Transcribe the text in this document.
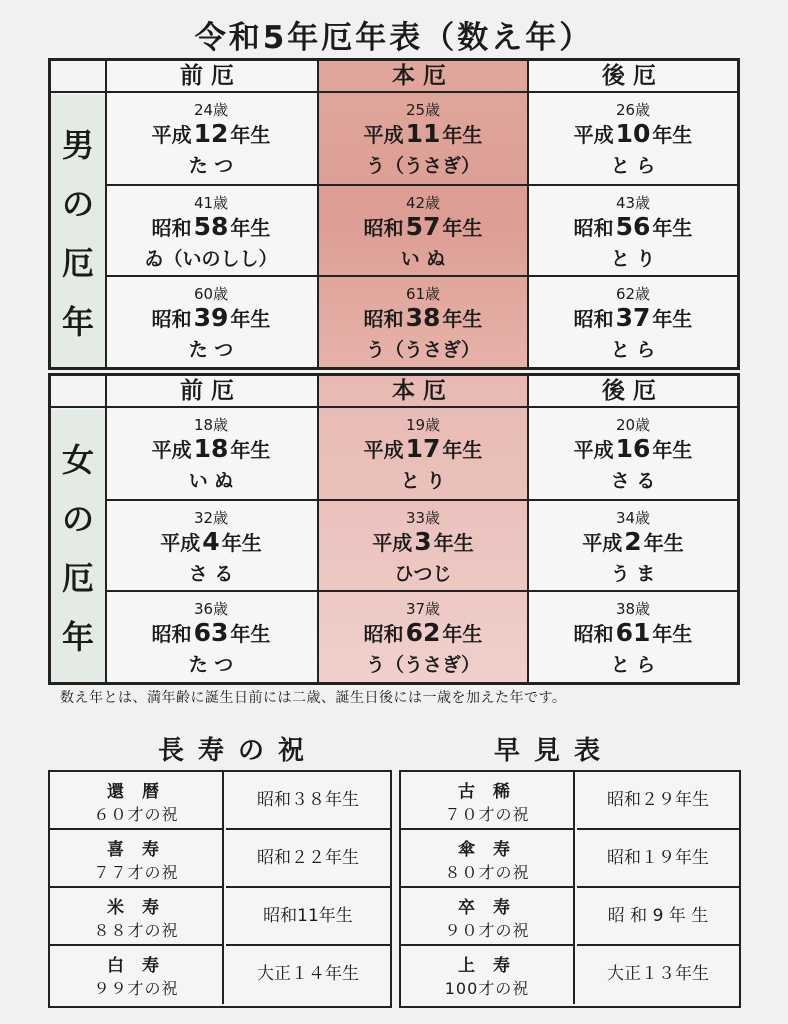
令和5年厄年表（数え年）
男
の
厄
年
前厄
24歳
平成12 年生
た つ
41歳
昭和58 年生
ゐ（いのしし）
60歳
昭和39 年生
た つ
本厄
25歳
平成11 年生
う（うさぎ）
42歳
昭和57 年生
い ぬ
61歳
昭和38 年生
う（うさぎ）
後厄
26歳
平成10 年生
と ら
43歳
昭和56 年生
と り
62歳
昭和37 年生
と ら
女
の
厄
年
前厄
18歳
平成18 年生
い ぬ
32歳
平成4 年生
さ る
36歳
昭和63 年生
た つ
本厄
19歳
平成17 年生
と り
33歳
平成3 年生
ひつじ
37歳
昭和62 年生
う（うさぎ）
後厄
20歳
平成16 年生
さ る
34歳
平成2 年生
う ま
38歳
昭和61 年生
と ら
数え年とは、満年齢に誕生日前には二歳、誕生日後には一歳を加えた年です。
長寿の祝	早見表
還 暦
６０才の祝
昭和３８年生
喜 寿
７７才の祝
昭和２２年生
米 寿
８８才の祝
昭和11年生
白 寿
９９才の祝
大正１４年生
古 稀
７０才の祝
昭和２９年生
傘 寿
８０才の祝
昭和１９年生
卒 寿
９０才の祝
昭 和 9 年 生
上 寿
100才の祝
大正１３年生
